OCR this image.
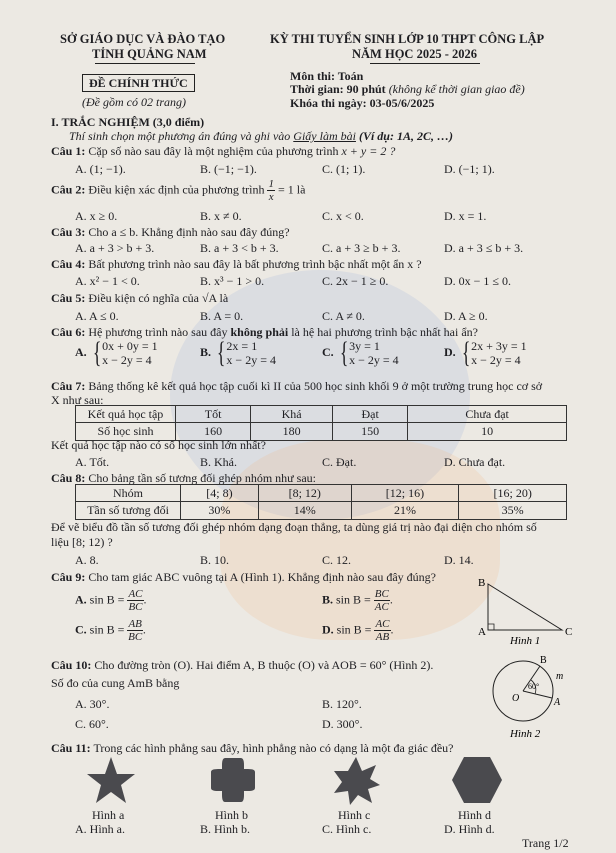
SỞ GIÁO DỤC VÀ ĐÀO TẠO
TỈNH QUẢNG NAM
ĐỀ CHÍNH THỨC
(Đề gồm có 02 trang)
KỲ THI TUYỂN SINH LỚP 10 THPT CÔNG LẬP
NĂM HỌC 2025 - 2026
Môn thi: Toán
Thời gian: 90 phút (không kể thời gian giao đề)
Khóa thi ngày: 03-05/6/2025
I. TRẮC NGHIỆM (3,0 điểm)
Thí sinh chọn một phương án đúng và ghi vào Giấy làm bài (Ví dụ: 1A, 2C, …)
Câu 1: Cặp số nào sau đây là một nghiệm của phương trình x + y = 2 ?
A. (1; −1).	B. (−1; −1).	C. (1; 1).	D. (−1; 1).
Câu 2: Điều kiện xác định của phương trình $\frac{1}{x} = 1$ là
A. x ≥ 0.	B. x ≠ 0.	C. x < 0.	D. x = 1.
Câu 3: Cho a ≤ b. Khẳng định nào sau đây đúng?
A. a + 3 > b + 3.	B. a + 3 < b + 3.	C. a + 3 ≥ b + 3.	D. a + 3 ≤ b + 3.
Câu 4: Bất phương trình nào sau đây là bất phương trình bậc nhất một ẩn x ?
A. x² − 1 < 0.	B. x³ − 1 > 0.	C. 2x − 1 ≥ 0.	D. 0x − 1 ≤ 0.
Câu 5: Điều kiện có nghĩa của √A là
A. A ≤ 0.	B. A = 0.	C. A ≠ 0.	D. A ≥ 0.
Câu 6: Hệ phương trình nào sau đây không phải là hệ hai phương trình bậc nhất hai ẩn?
A. { 0x + 0y = 1
x − 2y = 4
B. { 2x = 1
x − 2y = 4
C. { 3y = 1
x − 2y = 4
D. { 2x + 3y = 1
x − 2y = 4
Câu 7: Bảng thống kê kết quả học tập cuối kì II của 500 học sinh khối 9 ở một trường trung học cơ sở
X như sau:
Kết quả học tập	Tốt	Khá	Đạt	Chưa đạt
Số học sinh	160	180	150	10
Kết quả học tập nào có số học sinh lớn nhất?
A. Tốt.	B. Khá.	C. Đạt.	D. Chưa đạt.
Câu 8: Cho bảng tần số tương đối ghép nhóm như sau:
Nhóm	[4; 8)	[8; 12)	[12; 16)	[16; 20)
Tần số tương đối	30%	14%	21%	35%
Để vẽ biểu đồ tần số tương đối ghép nhóm dạng đoạn thẳng, ta dùng giá trị nào đại diện cho nhóm số
liệu [8; 12) ?
A. 8.	B. 10.	C. 12.	D. 14.
Câu 9: Cho tam giác ABC vuông tại A (Hình 1). Khẳng định nào sau đây đúng?
A. $\sin B = \frac{AC}{BC}$ .	B. $\sin B = \frac{BC}{AC}$ .
C. $\sin B = \frac{AB}{BC}$ .	D. $\sin B = \frac{AC}{AB}$ .
B
A	C
Hình 1
Câu 10: Cho đường tròn (O). Hai điểm A, B thuộc (O) và AOB = 60° (Hình 2).
Số đo của cung AmB bằng
A. 30°.	B. 120°.
C. 60°.	D. 300°.
B
m
O	A
60°
Hình 2
Câu 11: Trong các hình phẳng sau đây, hình phẳng nào có dạng là một đa giác đều?
Hình a	Hình b	Hình c	Hình d
A. Hình a.	B. Hình b.	C. Hình c.	D. Hình d.
Trang 1/2
